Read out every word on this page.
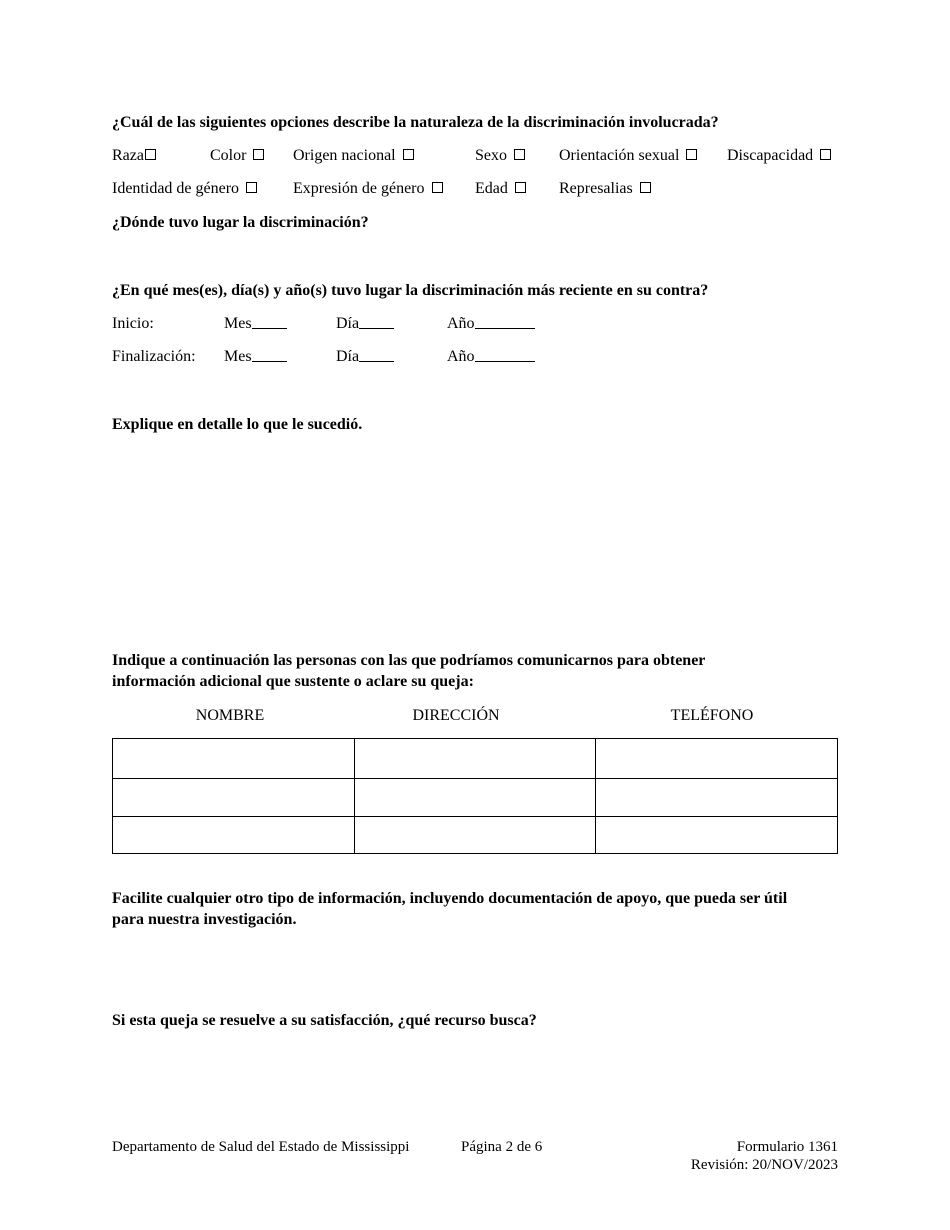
¿Cuál de las siguientes opciones describe la naturaleza de la discriminación involucrada?
Raza	Color	Origen nacional	Sexo	Orientación sexual	Discapacidad
Identidad de género	Expresión de género	Edad	Represalias
¿Dónde tuvo lugar la discriminación?
¿En qué mes(es), día(s) y año(s) tuvo lugar la discriminación más reciente en su contra?
Inicio:	Mes	Día	Año
Finalización: Mes	Día	Año
Explique en detalle lo que le sucedió.
Indique a continuación las personas con las que podríamos comunicarnos para obtener
información adicional que sustente o aclare su queja:
NOMBRE	DIRECCIÓN	TELÉFONO

Facilite cualquier otro tipo de información, incluyendo documentación de apoyo, que pueda ser útil
para nuestra investigación.
Si esta queja se resuelve a su satisfacción, ¿qué recurso busca?
Departamento de Salud del Estado de Mississippi	Página 2 de 6	Formulario 1361
Revisión: 20/NOV/2023
